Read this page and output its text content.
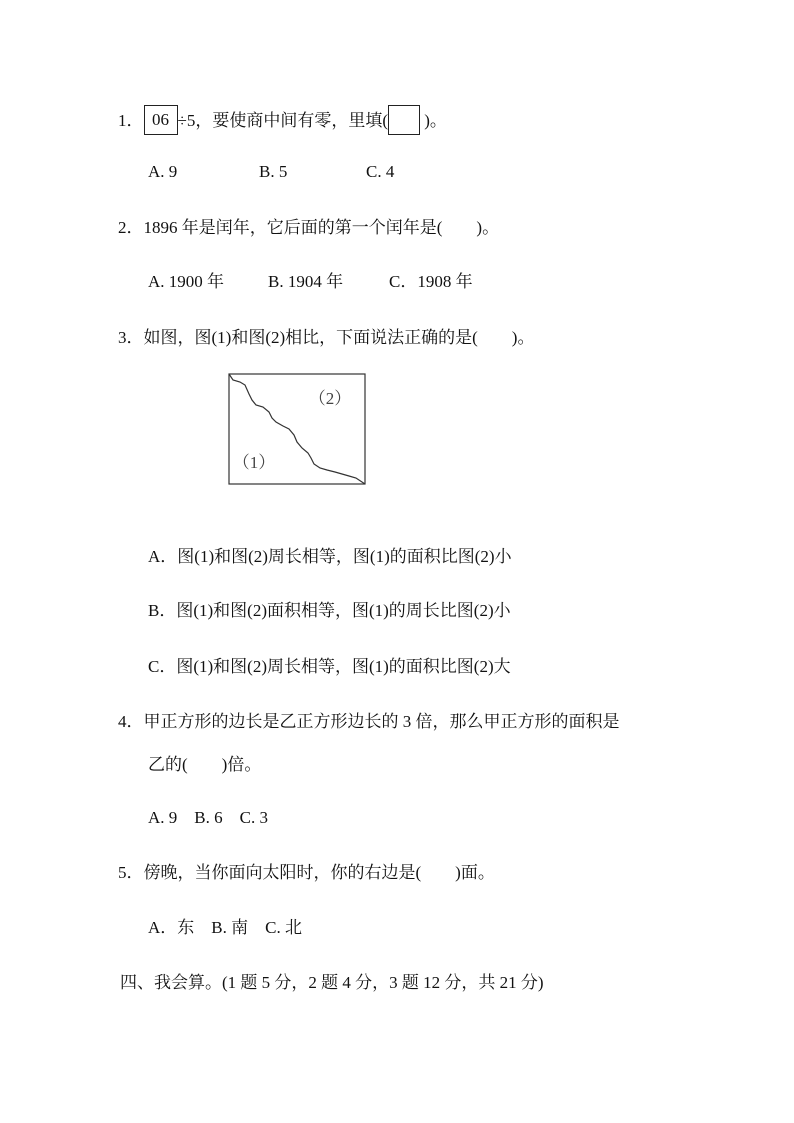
1． 06 ÷5，要使商中间有零，里填( )。
A. 9	B. 5	C. 4
2．1896 年是闰年，它后面的第一个闰年是(　　)。
A. 1900 年	B. 1904 年	C．1908 年
3．如图，图(1)和图(2)相比，下面说法正确的是(　　)。
（2）
（1）
A．图(1)和图(2)周长相等，图(1)的面积比图(2)小
B．图(1)和图(2)面积相等，图(1)的周长比图(2)小
C．图(1)和图(2)周长相等，图(1)的面积比图(2)大
4．甲正方形的边长是乙正方形边长的 3 倍，那么甲正方形的面积是
乙的(　　)倍。
A. 9　B. 6　C. 3
5．傍晚，当你面向太阳时，你的右边是(　　)面。
A．东　B. 南　C. 北
四、我会算。(1 题 5 分，2 题 4 分，3 题 12 分，共 21 分)
